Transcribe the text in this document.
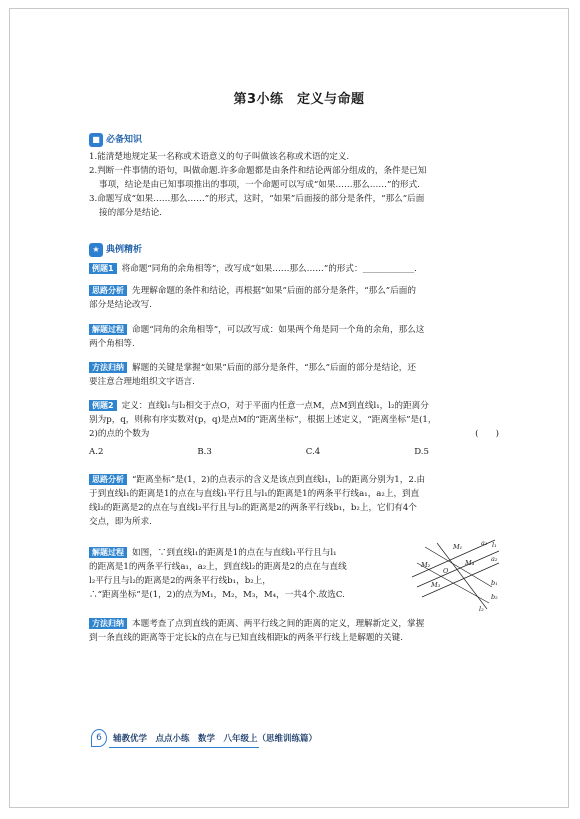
第3小练　定义与命题
■ 必备知识
1.能清楚地规定某一名称或术语意义的句子叫做该名称或术语的定义.
2.判断一件事情的语句，叫做命题.许多命题都是由条件和结论两部分组成的，条件是已知
事项，结论是由已知事项推出的事项，一个命题可以写成“如果……那么……”的形式.
3.命题写成“如果……那么……”的形式，这时，“如果”后面接的部分是条件，“那么”后面
接的部分是结论.
★ 典例精析
例题1 将命题“同角的余角相等”，改写成“如果……那么……”的形式：____________.
思路分析 先理解命题的条件和结论，再根据“如果”后面的部分是条件，“那么”后面的
部分是结论改写.
解题过程 命题“同角的余角相等”，可以改写成：如果两个角是同一个角的余角，那么这
两个角相等.
方法归纳 解题的关键是掌握“如果”后面的部分是条件，“那么”后面的部分是结论，还
要注意合理地组织文字语言.
例题2 定义：直线l₁与l₂相交于点O，对于平面内任意一点M，点M到直线l₁，l₂的距离分
别为p，q，则称有序实数对(p，q)是点M的“距离坐标”，根据上述定义，“距离坐标”是(1，
2)的点的个数为	(　　)
A.2	B.3	C.4	D.5
思路分析 “距离坐标”是(1，2)的点表示的含义是该点到直线l₁，l₂的距离分别为1，2.由
于到直线l₁的距离是1的点在与直线l₁平行且与l₁的距离是1的两条平行线a₁，a₂上，到直
线l₂的距离是2的点在与直线l₂平行且与l₂的距离是2的两条平行线b₁，b₂上，它们有4个
交点，即为所求.
解题过程 如图，∵到直线l₁的距离是1的点在与直线l₁平行且与l₁
的距离是1的两条平行线a₁，a₂上，到直线l₂的距离是2的点在与直线
l₂平行且与l₂的距离是2的两条平行线b₁，b₂上，
∴“距离坐标”是(1，2)的点为M₁，M₂，M₃，M₄，一共4个.故选C.
方法归纳 本题考查了点到直线的距离、两平行线之间的距离的定义，理解新定义，掌握
到一条直线的距离等于定长k的点在与已知直线相距k的两条平行线上是解题的关键.
a₁ l₁
a₂
M₁
M₂	M₄
O
M₃	b₁
b₂
l₂
6	辅教优学　点点小练　数学　八年级上（思维训练篇）
